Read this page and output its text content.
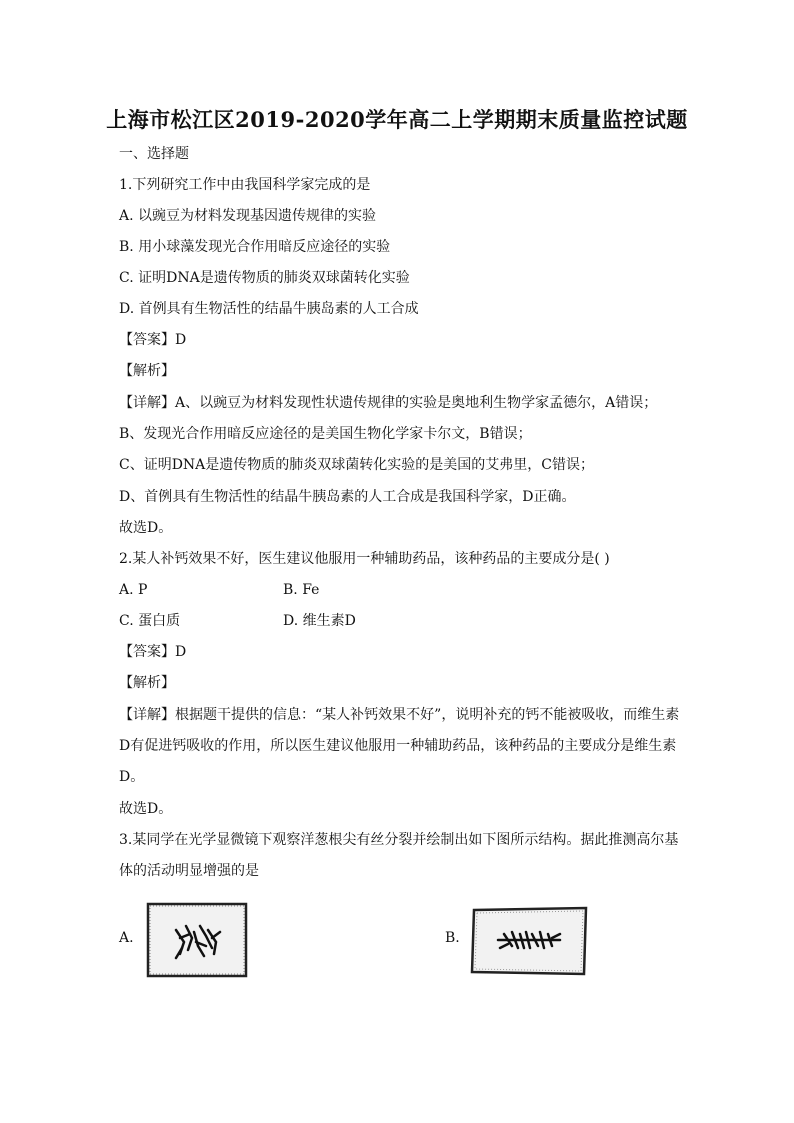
上海市松江区2019-2020学年高二上学期期末质量监控试题
一、选择题
1.下列研究工作中由我国科学家完成的是
A. 以豌豆为材料发现基因遗传规律的实验
B. 用小球藻发现光合作用暗反应途径的实验
C. 证明DNA是遗传物质的肺炎双球菌转化实验
D. 首例具有生物活性的结晶牛胰岛素的人工合成
【答案】D
【解析】
【详解】A、以豌豆为材料发现性状遗传规律的实验是奥地利生物学家孟德尔，A错误；
B、发现光合作用暗反应途径的是美国生物化学家卡尔文，B错误；
C、证明DNA是遗传物质的肺炎双球菌转化实验的是美国的艾弗里，C错误；
D、首例具有生物活性的结晶牛胰岛素的人工合成是我国科学家，D正确。
故选D。
2.某人补钙效果不好，医生建议他服用一种辅助药品，该种药品的主要成分是( )
A. P	B. Fe
C. 蛋白质	D. 维生素D
【答案】D
【解析】
【详解】根据题干提供的信息：“某人补钙效果不好”，说明补充的钙不能被吸收，而维生素
D有促进钙吸收的作用，所以医生建议他服用一种辅助药品，该种药品的主要成分是维生素
D。
故选D。
3.某同学在光学显微镜下观察洋葱根尖有丝分裂并绘制出如下图所示结构。据此推测高尔基
体的活动明显增强的是
A.	B.
